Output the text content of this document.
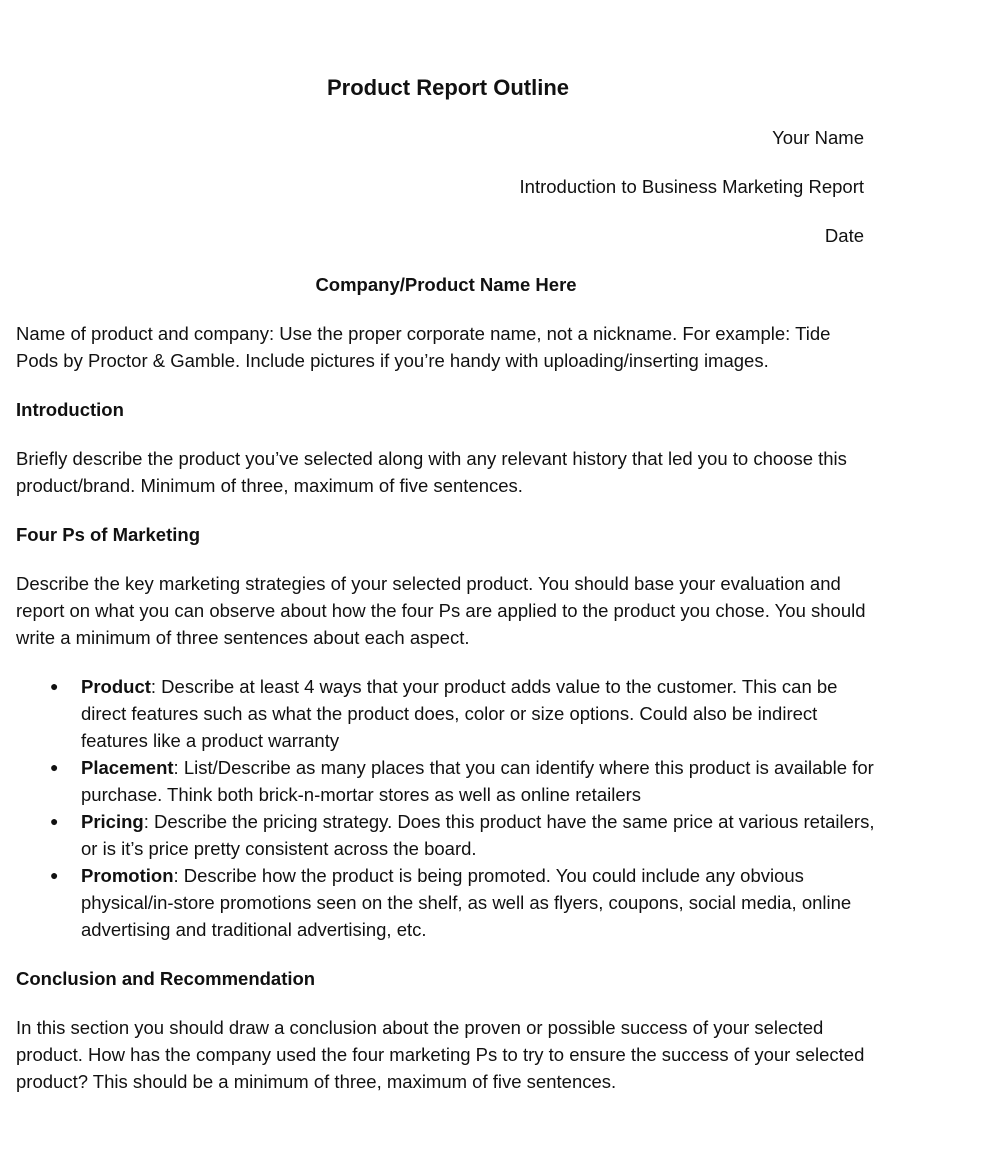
Product Report Outline

Your Name

Introduction to Business Marketing Report

Date

Company/Product Name Here

Name of product and company: Use the proper corporate name, not a nickname. For example: Tide Pods by Proctor & Gamble. Include pictures if you’re handy with uploading/inserting images.

Introduction

Briefly describe the product you’ve selected along with any relevant history that led you to choose this product/brand. Minimum of three, maximum of five sentences.

Four Ps of Marketing

Describe the key marketing strategies of your selected product. You should base your evaluation and report on what you can observe about how the four Ps are applied to the product you chose. You should write a minimum of three sentences about each aspect.

● Product: Describe at least 4 ways that your product adds value to the customer. This can be direct features such as what the product does, color or size options. Could also be indirect features like a product warranty
● Placement: List/Describe as many places that you can identify where this product is available for purchase. Think both brick-n-mortar stores as well as online retailers
● Pricing: Describe the pricing strategy. Does this product have the same price at various retailers, or is it’s price pretty consistent across the board.
● Promotion: Describe how the product is being promoted. You could include any obvious physical/in-store promotions seen on the shelf, as well as flyers, coupons, social media, online advertising and traditional advertising, etc.

Conclusion and Recommendation

In this section you should draw a conclusion about the proven or possible success of your selected product. How has the company used the four marketing Ps to try to ensure the success of your selected product? This should be a minimum of three, maximum of five sentences.
